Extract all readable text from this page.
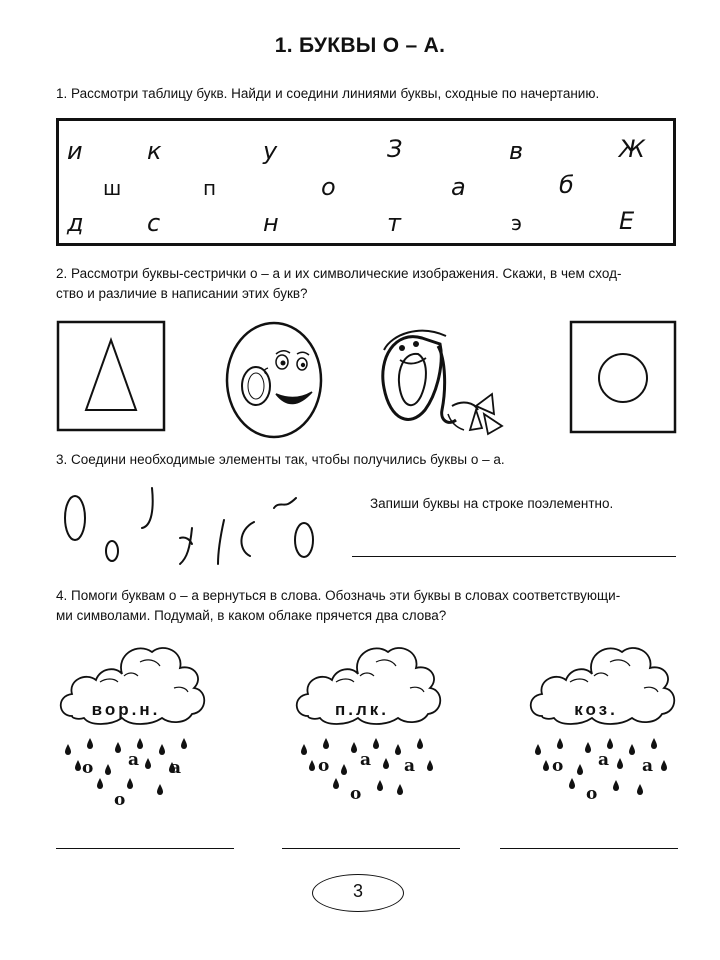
1. БУКВЫ О – А.
1. Рассмотри таблицу букв. Найди и соедини линиями буквы, сходные по начертанию.
и	к	у	З	в	Ж
ш	п	о	а	б
д	с	н	т	э	Е
2. Рассмотри буквы-сестрички о – а и их символические изображения. Скажи, в чем сход-
ство и различие в написании этих букв?
3. Соедини необходимые элементы так, чтобы получились буквы о – а.
Запиши буквы на строке поэлементно.
4. Помоги буквам о – а вернуться в слова. Обозначь эти буквы в словах соответствующи-
ми символами. Подумай, в каком облаке прячется два слова?
вор.н.	п.лк.	коз.
о а а
о
о а а
о
о а а
о
3
